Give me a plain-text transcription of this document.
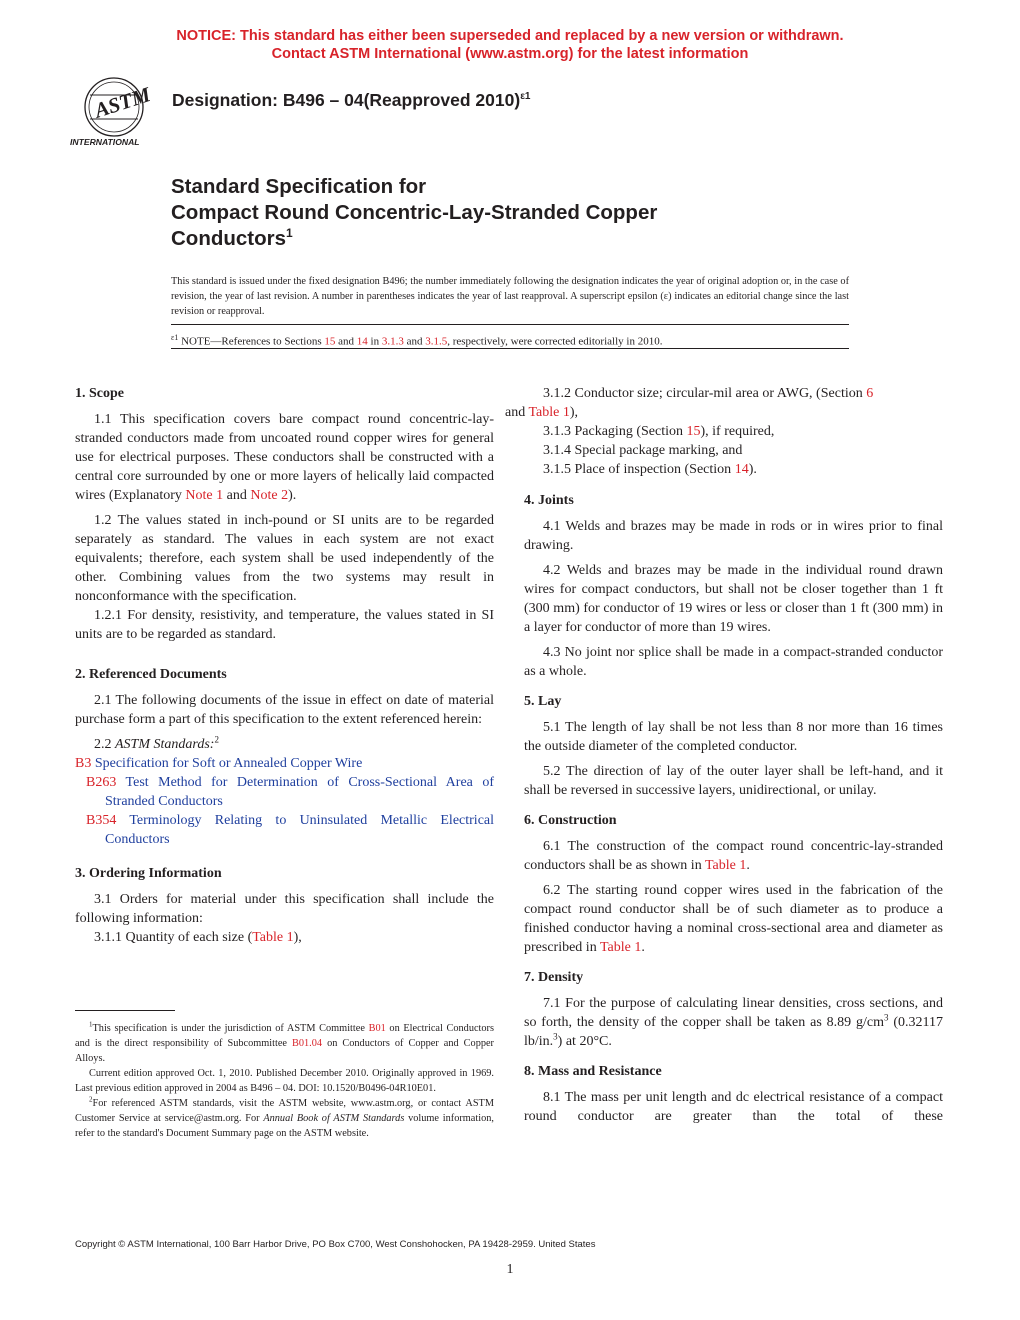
NOTICE: This standard has either been superseded and replaced by a new version or withdrawn.
Contact ASTM International (www.astm.org) for the latest information
ASTM
INTERNATIONAL
Designation: B496 – 04(Reapproved 2010)$^{\varepsilon 1}$
Standard Specification for
Compact Round Concentric-Lay-Stranded Copper
Conductors$^1$
This standard is issued under the fixed designation B496; the number immediately following the designation indicates the year of original adoption or, in the case of revision, the year of last revision. A number in parentheses indicates the year of last reapproval. A superscript epsilon (ε) indicates an editorial change since the last revision or reapproval.
$^{\varepsilon 1}$ NOTE—References to Sections 15 and 14 in 3.1.3 and 3.1.5, respectively, were corrected editorially in 2010.
1. Scope
1.1 This specification covers bare compact round concentric-lay-stranded conductors made from uncoated round copper wires for general use for electrical purposes. These conductors shall be constructed with a central core surrounded by one or more layers of helically laid compacted wires (Explanatory Note 1 and Note 2).
1.2 The values stated in inch-pound or SI units are to be regarded separately as standard. The values in each system are not exact equivalents; therefore, each system shall be used independently of the other. Combining values from the two systems may result in nonconformance with the specification.
1.2.1 For density, resistivity, and temperature, the values stated in SI units are to be regarded as standard.
2. Referenced Documents
2.1 The following documents of the issue in effect on date of material purchase form a part of this specification to the extent referenced herein:
2.2 ASTM Standards:$^2$
B3 Specification for Soft or Annealed Copper Wire
B263 Test Method for Determination of Cross-Sectional Area of Stranded Conductors
B354 Terminology Relating to Uninsulated Metallic Electrical Conductors
3. Ordering Information
3.1 Orders for material under this specification shall include the following information:
3.1.1 Quantity of each size (Table 1),
3.1.2 Conductor size; circular-mil area or AWG, (Section 6
and Table 1),
3.1.3 Packaging (Section 15), if required,
3.1.4 Special package marking, and
3.1.5 Place of inspection (Section 14).
4. Joints
4.1 Welds and brazes may be made in rods or in wires prior to final drawing.
4.2 Welds and brazes may be made in the individual round drawn wires for compact conductors, but shall not be closer together than 1 ft (300 mm) for conductor of 19 wires or less or closer than 1 ft (300 mm) in a layer for conductor of more than 19 wires.
4.3 No joint nor splice shall be made in a compact-stranded conductor as a whole.
5. Lay
5.1 The length of lay shall be not less than 8 nor more than 16 times the outside diameter of the completed conductor.
5.2 The direction of lay of the outer layer shall be left-hand, and it shall be reversed in successive layers, unidirectional, or unilay.
6. Construction
6.1 The construction of the compact round concentric-lay-stranded conductors shall be as shown in Table 1.
6.2 The starting round copper wires used in the fabrication of the compact round conductor shall be of such diameter as to produce a finished conductor having a nominal cross-sectional area and diameter as prescribed in Table 1.
7. Density
7.1 For the purpose of calculating linear densities, cross sections, and so forth, the density of the copper shall be taken as 8.89 $g/cm^3$ (0.32117 lb/in.$^3$) at 20°C.
8. Mass and Resistance
8.1 The mass per unit length and dc electrical resistance of a compact round conductor are greater than the total of these

$^1$This specification is under the jurisdiction of ASTM Committee B01 on Electrical Conductors and is the direct responsibility of Subcommittee B01.04 on Conductors of Copper and Copper Alloys.

Current edition approved Oct. 1, 2010. Published December 2010. Originally approved in 1969. Last previous edition approved in 2004 as B496 – 04. DOI: 10.1520/B0496-04R10E01.

$^2$For referenced ASTM standards, visit the ASTM website, www.astm.org, or contact ASTM Customer Service at service@astm.org. For Annual Book of ASTM Standards volume information, refer to the standard's Document Summary page on the ASTM website.

Copyright © ASTM International, 100 Barr Harbor Drive, PO Box C700, West Conshohocken, PA 19428-2959. United States
1
